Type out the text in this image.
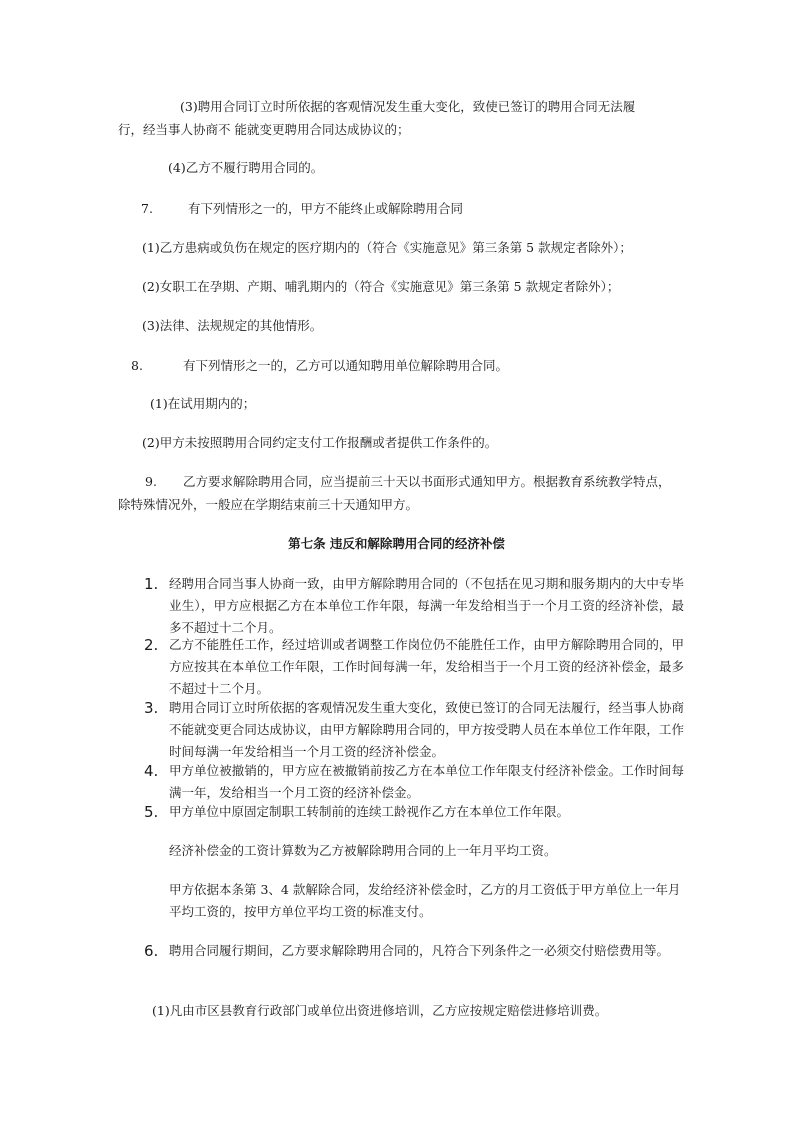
(3)聘用合同订立时所依据的客观情况发生重大变化，致使已签订的聘用合同无法履
行，经当事人协商不 能就变更聘用合同达成协议的；
(4)乙方不履行聘用合同的。
7.	有下列情形之一的，甲方不能终止或解除聘用合同
(1)乙方患病或负伤在规定的医疗期内的（符合《实施意见》第三条第 5 款规定者除外）；
(2)女职工在孕期、产期、哺乳期内的（符合《实施意见》第三条第 5 款规定者除外）；
(3)法律、法规规定的其他情形。
8.	有下列情形之一的，乙方可以通知聘用单位解除聘用合同。
(1)在试用期内的；
(2)甲方未按照聘用合同约定支付工作报酬或者提供工作条件的。
9. 乙方要求解除聘用合同，应当提前三十天以书面形式通知甲方。根据教育系统教学特点，
除特殊情况外，一般应在学期结束前三十天通知甲方。
第七条 违反和解除聘用合同的经济补偿
1. 经聘用合同当事人协商一致，由甲方解除聘用合同的（不包括在见习期和服务期内的大中专毕业生），甲方应根据乙方在本单位工作年限，每满一年发给相当于一个月工资的经济补偿，最多不超过十二个月。
2. 乙方不能胜任工作，经过培训或者调整工作岗位仍不能胜任工作，由甲方解除聘用合同的，甲方应按其在本单位工作年限，工作时间每满一年，发给相当于一个月工资的经济补偿金，最多不超过十二个月。
3. 聘用合同订立时所依据的客观情况发生重大变化，致使已签订的合同无法履行，经当事人协商不能就变更合同达成协议，由甲方解除聘用合同的，甲方按受聘人员在本单位工作年限，工作时间每满一年发给相当一个月工资的经济补偿金。
4. 甲方单位被撤销的，甲方应在被撤销前按乙方在本单位工作年限支付经济补偿金。工作时间每满一年，发给相当一个月工资的经济补偿金。
5. 甲方单位中原固定制职工转制前的连续工龄视作乙方在本单位工作年限。
经济补偿金的工资计算数为乙方被解除聘用合同的上一年月平均工资。
甲方依据本条第 3、4 款解除合同，发给经济补偿金时，乙方的月工资低于甲方单位上一年月平均工资的，按甲方单位平均工资的标准支付。
6. 聘用合同履行期间，乙方要求解除聘用合同的，凡符合下列条件之一必须交付赔偿费用等。
(1)凡由市区县教育行政部门或单位出资进修培训，乙方应按规定赔偿进修培训费。
